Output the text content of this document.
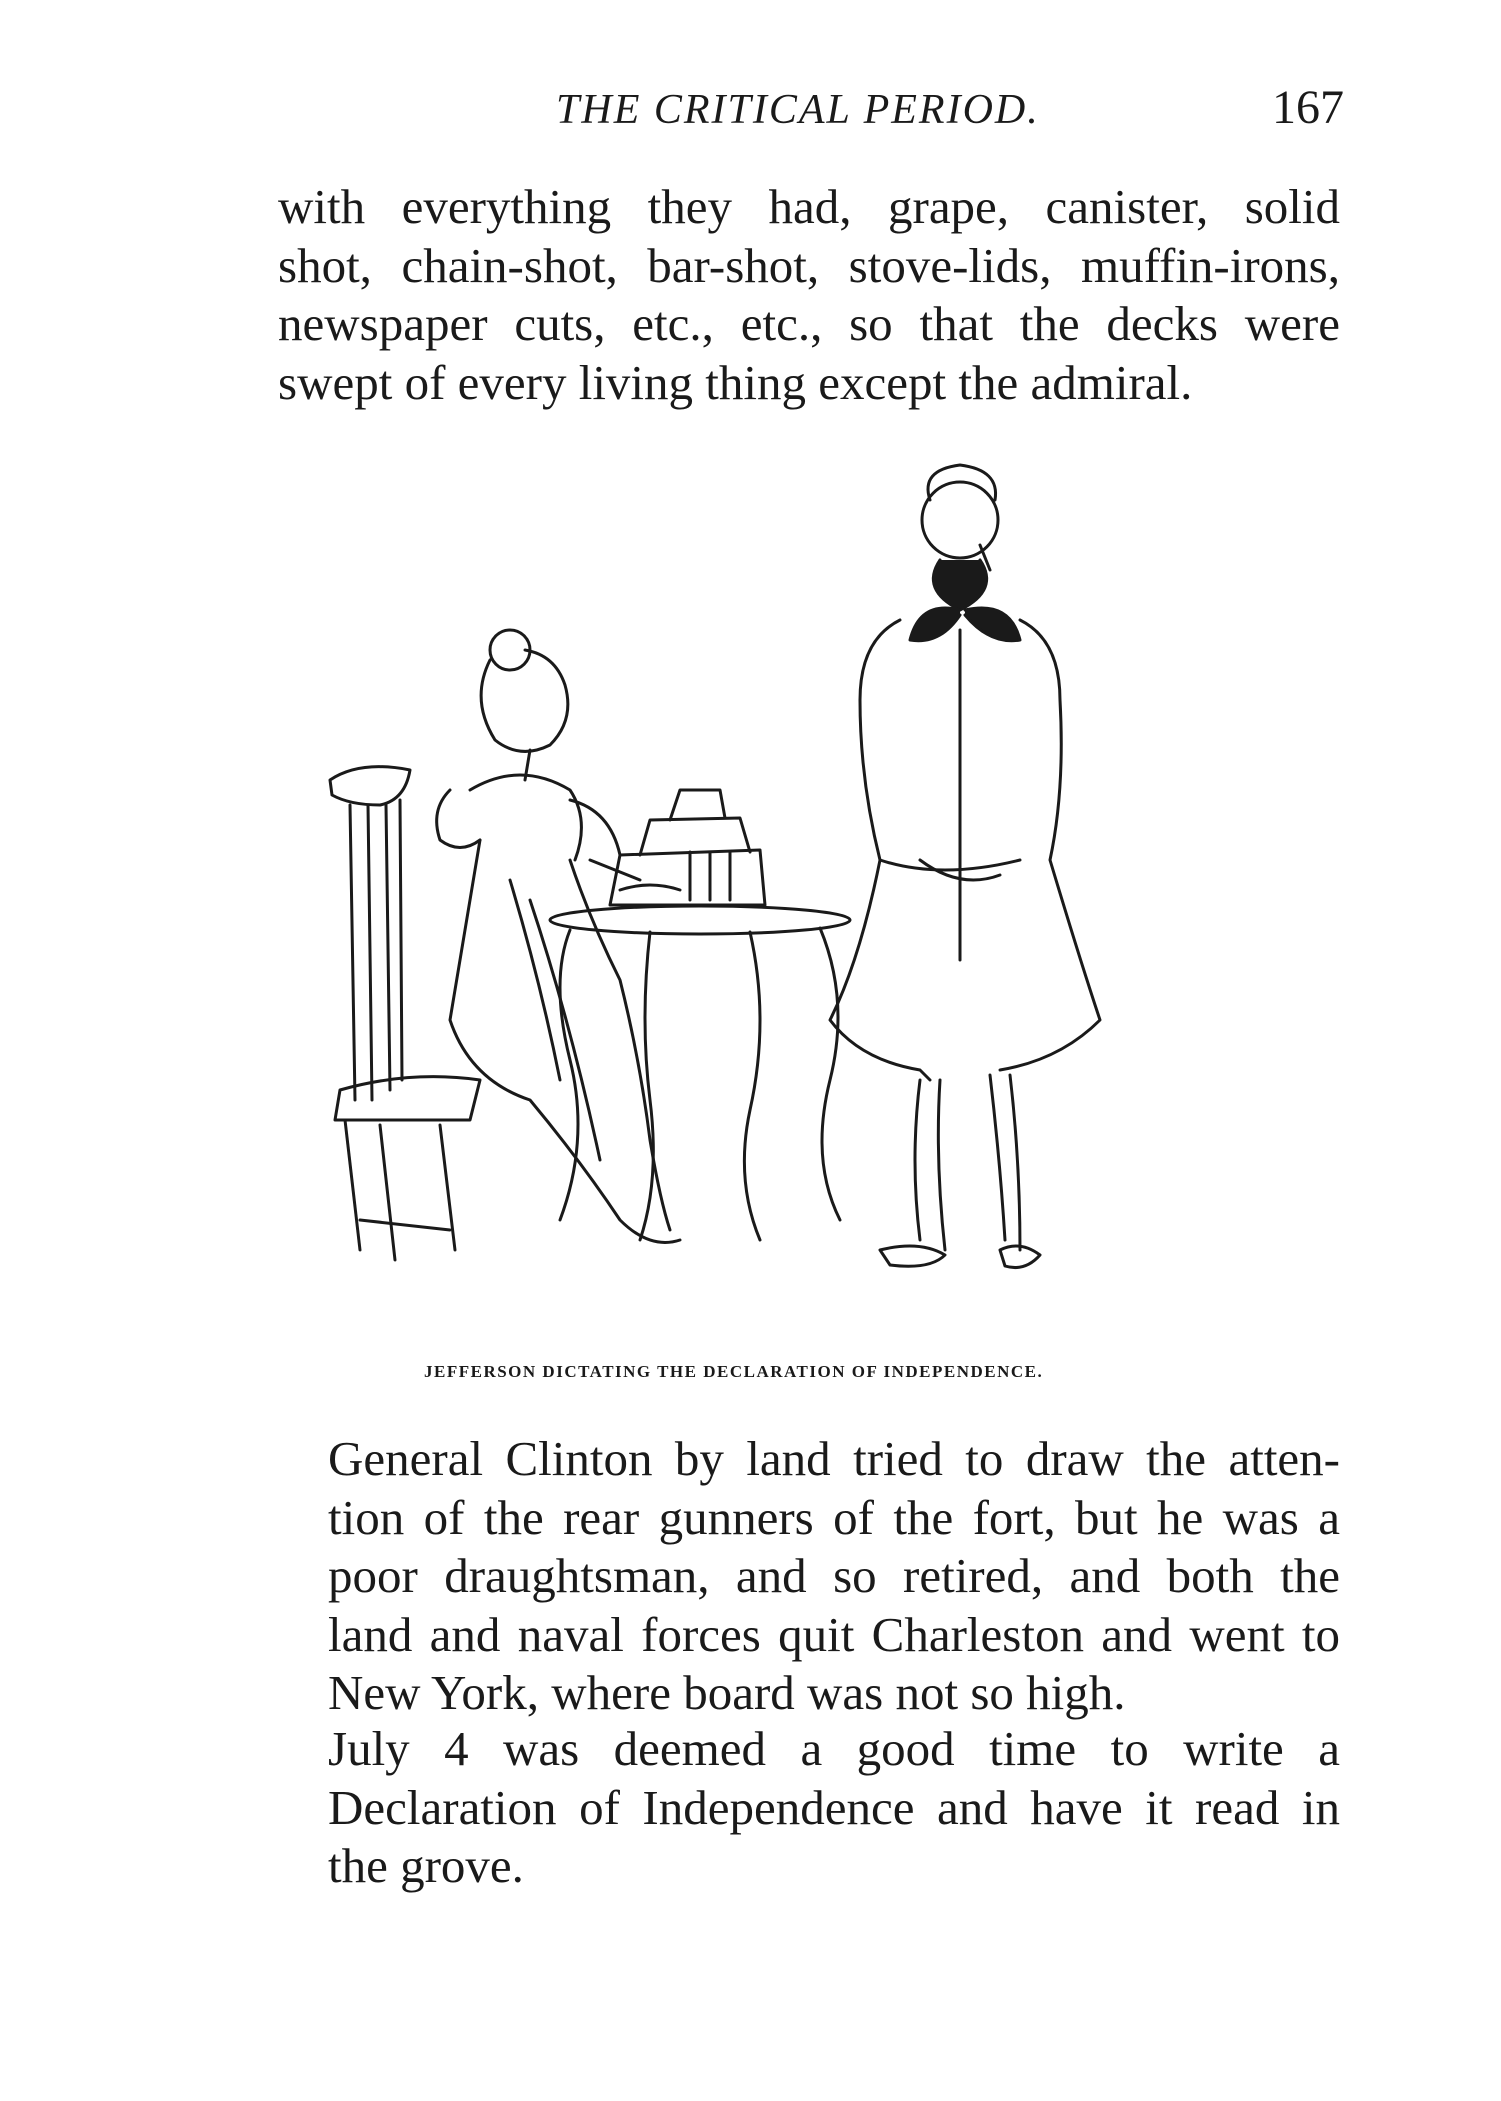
THE CRITICAL PERIOD.	167

with everything they had, grape, canister, solid
shot, chain-shot, bar-shot, stove-lids, muffin-irons,
newspaper cuts, etc., etc., so that the decks were
swept of every living thing except the admiral.

JEFFERSON DICTATING THE DECLARATION OF INDEPENDENCE.

General Clinton by land tried to draw the atten-
tion of the rear gunners of the fort, but he was a
poor draughtsman, and so retired, and both the
land and naval forces quit Charleston and went to
New York, where board was not so high.

July 4 was deemed a good time to write a
Declaration of Independence and have it read in
the grove.
